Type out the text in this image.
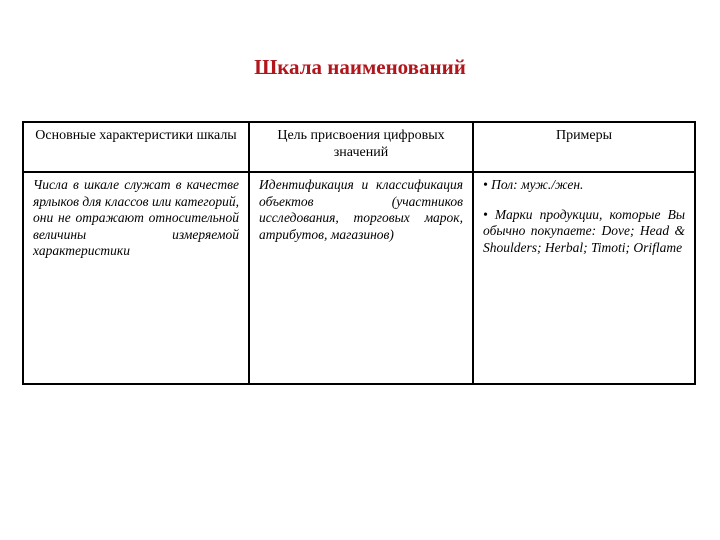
Шкала наименований
Основные характеристики шкалы	Цель присвоения цифровых значений	Примеры
Числа в шкале служат в качестве ярлыков для классов или категорий, они не отражают относительной величины измеряемой характеристики	Идентификация и классификация объектов (участников исследования, торговых марок, атрибутов, магазинов)	• Пол: муж./жен.
• Марки продукции, которые Вы обычно покупаете: Dove; Head & Shoulders; Herbal; Timoti; Oriflame
